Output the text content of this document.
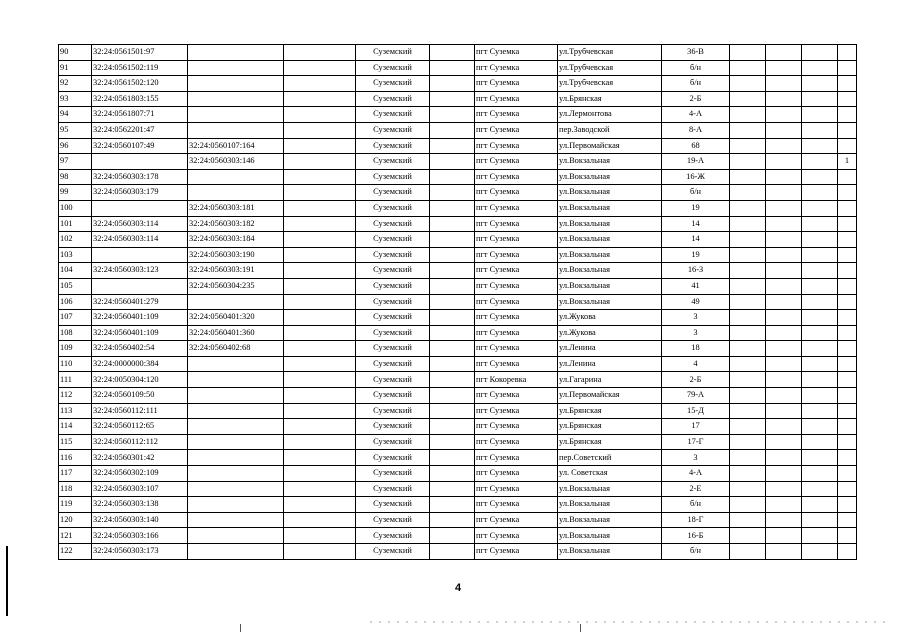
90	32:24:0561501:97			Суземский		пгт Суземка	ул.Трубчевская	36-В				
91	32:24:0561502:119			Суземский		пгт Суземка	ул.Трубчевская	б/н				
92	32:24:0561502:120			Суземский		пгт Суземка	ул.Трубчевская	б/н				
93	32:24:0561803:155			Суземский		пгт Суземка	ул.Брянская	2-Б				
94	32:24:0561807:71			Суземский		пгт Суземка	ул.Лермонтова	4-А				
95	32:24:0562201:47			Суземский		пгт Суземка	пер.Заводской	8-А				
96	32:24:0560107:49	32:24:0560107:164		Суземский		пгт Суземка	ул.Первомайская	68				
97		32:24:0560303:146		Суземский		пгт Суземка	ул.Вокзальная	19-А				1
98	32:24:0560303:178			Суземский		пгт Суземка	ул.Вокзальная	16-Ж				
99	32:24:0560303:179			Суземский		пгт Суземка	ул.Вокзальная	б/н				
100		32:24:0560303:181		Суземский		пгт Суземка	ул.Вокзальная	19				
101	32:24:0560303:114	32:24:0560303:182		Суземский		пгт Суземка	ул.Вокзальная	14				
102	32:24:0560303:114	32:24:0560303:184		Суземский		пгт Суземка	ул.Вокзальная	14				
103		32:24:0560303:190		Суземский		пгт Суземка	ул.Вокзальная	19				
104	32:24:0560303:123	32:24:0560303:191		Суземский		пгт Суземка	ул.Вокзальная	16-З				
105		32:24:0560304:235		Суземский		пгт Суземка	ул.Вокзальная	41				
106	32:24:0560401:279			Суземский		пгт Суземка	ул.Вокзальная	49				
107	32:24:0560401:109	32:24:0560401:320		Суземский		пгт Суземка	ул.Жукова	3				
108	32:24:0560401:109	32:24:0560401:360		Суземский		пгт Суземка	ул.Жукова	3				
109	32:24:0560402:54	32:24:0560402:68		Суземский		пгт Суземка	ул.Ленина	18				
110	32:24:0000000:384			Суземский		пгт Суземка	ул.Ленина	4				
111	32:24:0050304:120			Суземский		пгт Кокоревка	ул.Гагарина	2-Б				
112	32:24:0560109:50			Суземский		пгт Суземка	ул.Первомайская	79-А				
113	32:24:0560112:111			Суземский		пгт Суземка	ул.Брянская	15-Д				
114	32:24:0560112:65			Суземский		пгт Суземка	ул.Брянская	17				
115	32:24:0560112:112			Суземский		пгт Суземка	ул.Брянская	17-Г				
116	32:24:0560301:42			Суземский		пгт Суземка	пер.Советский	3				
117	32:24:0560302:109			Суземский		пгт Суземка	ул. Советская	4-А				
118	32:24:0560303:107			Суземский		пгт Суземка	ул.Вокзальная	2-Е				
119	32:24:0560303:138			Суземский		пгт Суземка	ул.Вокзальная	б/н				
120	32:24:0560303:140			Суземский		пгт Суземка	ул.Вокзальная	18-Г				
121	32:24:0560303:166			Суземский		пгт Суземка	ул.Вокзальная	16-Б				
122	32:24:0560303:173			Суземский		пгт Суземка	ул.Вокзальная	б/н				
4
